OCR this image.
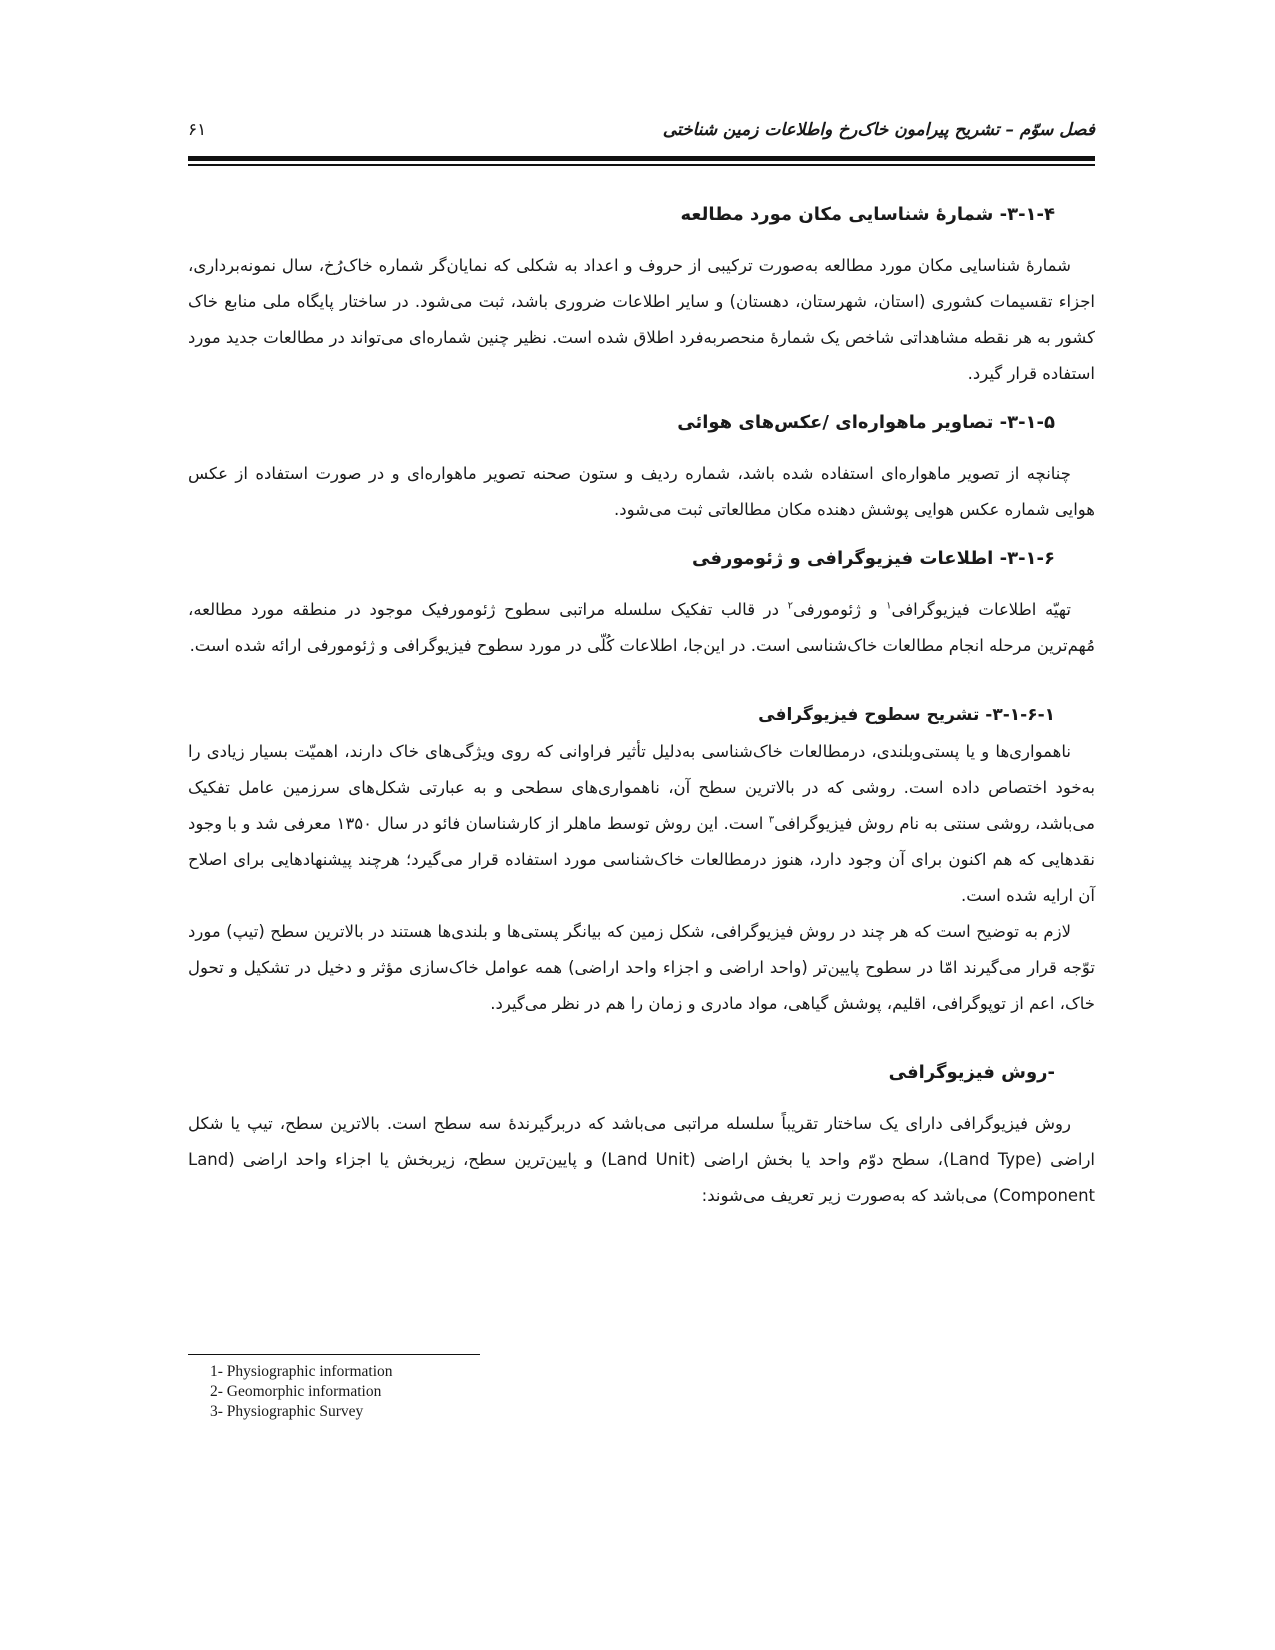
فصل سوّم – تشریح پیرامون خاک‌رخ واطلاعات زمین شناختی
۶۱
۳-۱-۴- شمارۀ شناسایی مکان مورد مطالعه

شمارۀ شناسایی مکان مورد مطالعه به‌صورت ترکیبی از حروف و اعداد به شکلی که نمایان‌گر شماره خاک‌رُخ، سال نمونه‌برداری، اجزاء تقسیمات کشوری (استان، شهرستان، دهستان) و سایر اطلاعات ضروری باشد، ثبت می‌شود. در ساختار پایگاه ملی منابع خاک کشور به هر نقطه مشاهداتی شاخص یک شمارۀ منحصربه‌فرد اطلاق شده است. نظیر چنین شماره‌ای می‌تواند در مطالعات جدید مورد استفاده قرار گیرد.

۳-۱-۵- تصاویر ماهواره‌ای /عکس‌های هوائی

چنانچه از تصویر ماهواره‌ای استفاده شده باشد، شماره ردیف و ستون صحنه تصویر ماهواره‌ای و در صورت استفاده از عکس هوایی شماره عکس هوایی پوشش دهنده مکان مطالعاتی ثبت می‌شود.

۳-۱-۶- اطلاعات فیزیوگرافی و ژئومورفی

تهیّه اطلاعات فیزیوگرافی$^۱$ و ژئومورفی$^۲$ در قالب تفکیک سلسله مراتبی سطوح ژئومورفیک موجود در منطقه مورد مطالعه، مُهم‌ترین مرحله انجام مطالعات خاک‌شناسی است. در این‌جا، اطلاعات کُلّی در مورد سطوح فیزیوگرافی و ژئومورفی ارائه شده است.

۳-۱-۶-۱- تشریح سطوح فیزیوگرافی

ناهمواری‌ها و یا پستی‌وبلندی، درمطالعات خاک‌شناسی به‌دلیل تأثیر فراوانی که روی ویژگی‌های خاک دارند، اهمیّت بسیار زیادی را به‌خود اختصاص داده است. روشی که در بالاترین سطح آن، ناهمواری‌های سطحی و به عبارتی شکل‌های سرزمین عامل تفکیک می‌باشد، روشی سنتی به نام روش فیزیوگرافی$^۳$ است. این روش توسط ماهلر از کارشناسان فائو در سال ۱۳۵۰ معرفی شد و با وجود نقدهایی که هم اکنون برای آن وجود دارد، هنوز درمطالعات خاک‌شناسی مورد استفاده قرار می‌گیرد؛ هرچند پیشنهادهایی برای اصلاح آن ارایه شده است.

لازم به توضیح است که هر چند در روش فیزیوگرافی، شکل زمین که بیانگر پستی‌ها و بلندی‌ها هستند در بالاترین سطح (تیپ) مورد توّجه قرار می‌گیرند امّا در سطوح پایین‌تر (واحد اراضی و اجزاء واحد اراضی) همه عوامل خاک‌سازی مؤثر و دخیل در تشکیل و تحول خاک، اعم از توپوگرافی، اقلیم، پوشش گیاهی، مواد مادری و زمان را هم در نظر می‌گیرد.

-روش فیزیوگرافی

روش فیزیوگرافی دارای یک ساختار تقریباً سلسله مراتبی می‌باشد که دربرگیرندۀ سه سطح است. بالاترین سطح، تیپ یا شکل اراضی (Land Type)، سطح دوّم واحد یا بخش اراضی (Land Unit) و پایین‌ترین سطح، زیربخش یا اجزاء واحد اراضی (Land Component) می‌باشد که به‌صورت زیر تعریف می‌شوند:

1- Physiographic information
2- Geomorphic information
3- Physiographic Survey
